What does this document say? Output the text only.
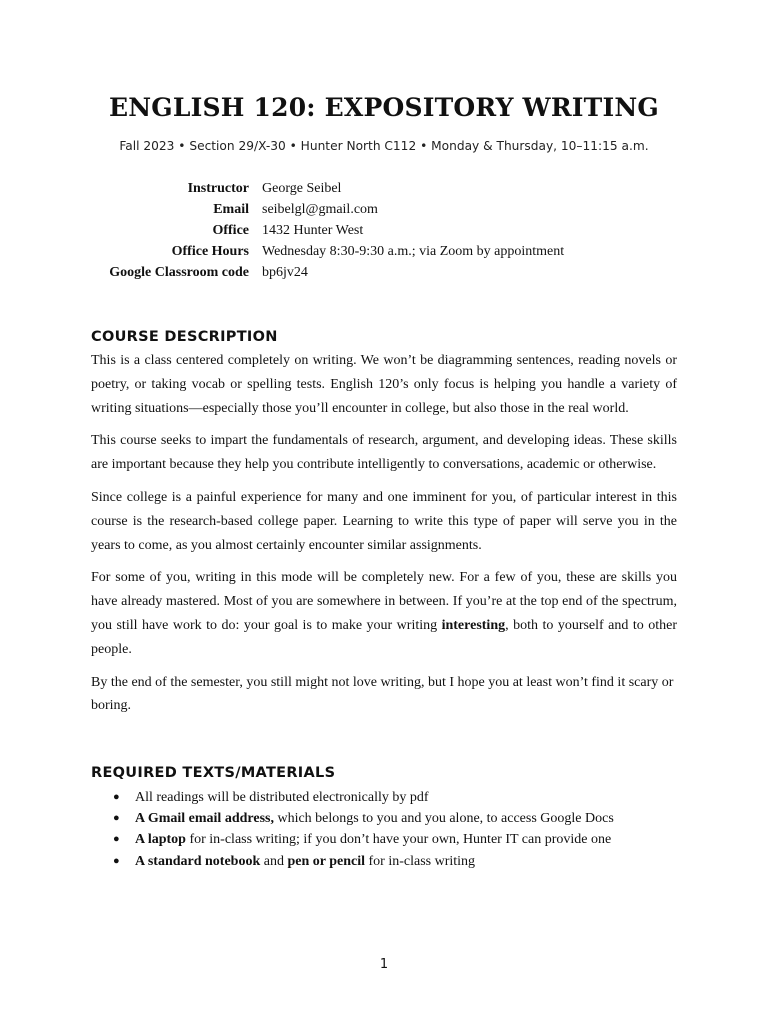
ENGLISH 120: EXPOSITORY WRITING
Fall 2023 • Section 29/X-30 • Hunter North C112 • Monday & Thursday, 10–11:15 a.m.
Instructor George Seibel
Email seibelgl@gmail.com
Office 1432 Hunter West
Office Hours Wednesday 8:30-9:30 a.m.; via Zoom by appointment
Google Classroom code bp6jv24
COURSE DESCRIPTION

This is a class centered completely on writing. We won’t be diagramming sentences, reading novels or poetry, or taking vocab or spelling tests. English 120’s only focus is helping you handle a variety of writing situations—especially those you’ll encounter in college, but also those in the real world.

This course seeks to impart the fundamentals of research, argument, and developing ideas. These skills are important because they help you contribute intelligently to conversations, academic or otherwise.

Since college is a painful experience for many and one imminent for you, of particular interest in this course is the research-based college paper. Learning to write this type of paper will serve you in the years to come, as you almost certainly encounter similar assignments.

For some of you, writing in this mode will be completely new. For a few of you, these are skills you have already mastered. Most of you are somewhere in between. If you’re at the top end of the spectrum, you still have work to do: your goal is to make your writing interesting, both to yourself and to other people.

By the end of the semester, you still might not love writing, but I hope you at least won’t find it scary or boring.

REQUIRED TEXTS/MATERIALS
● All readings will be distributed electronically by pdf
● A Gmail email address, which belongs to you and you alone, to access Google Docs
● A laptop for in-class writing; if you don’t have your own, Hunter IT can provide one
● A standard notebook and pen or pencil for in-class writing
1
